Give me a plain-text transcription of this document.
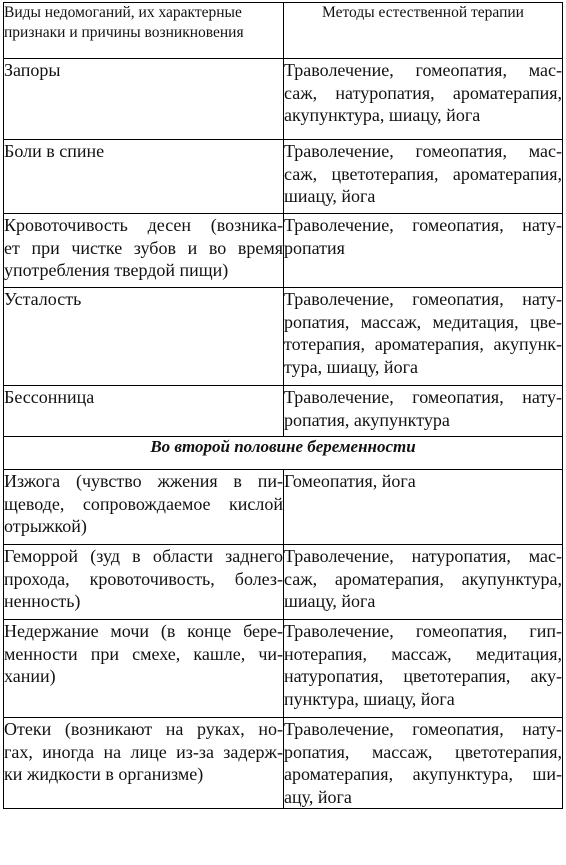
Виды недомоганий, их характерные
признаки и причины возникновения	Методы естественной терапии

Запоры	Траволечение, гомеопатия, мас-
саж, натуропатия, ароматерапия,
акупунктура, шиацу, йога

Боли в спине	Траволечение, гомеопатия, мас-
саж, цветотерапия, ароматерапия,
шиацу, йога

Кровоточивость десен (возника-
ет при чистке зубов и во время
употребления твердой пищи)	Траволечение, гомеопатия, нату-
ропатия

Усталость	Траволечение, гомеопатия, нату-
ропатия, массаж, медитация, цве-
тотерапия, ароматерапия, акупунк-
тура, шиацу, йога

Бессонница	Траволечение, гомеопатия, нату-
ропатия, акупунктура

Во второй половине беременности	

Изжога (чувство жжения в пи-
щеводе, сопровождаемое кислой
отрыжкой)	Гомеопатия, йога

Геморрой (зуд в области заднего
прохода, кровоточивость, болез-
ненность)	Траволечение, натуропатия, мас-
саж, ароматерапия, акупунктура,
шиацу, йога

Недержание мочи (в конце бере-
менности при смехе, кашле, чи-
хании)	Траволечение, гомеопатия, гип-
нотерапия, массаж, медитация,
натуропатия, цветотерапия, аку-
пунктура, шиацу, йога

Отеки (возникают на руках, но-
гах, иногда на лице из-за задерж-
ки жидкости в организме)	Траволечение, гомеопатия, нату-
ропатия, массаж, цветотерапия,
ароматерапия, акупунктура, ши-
ацу, йога
